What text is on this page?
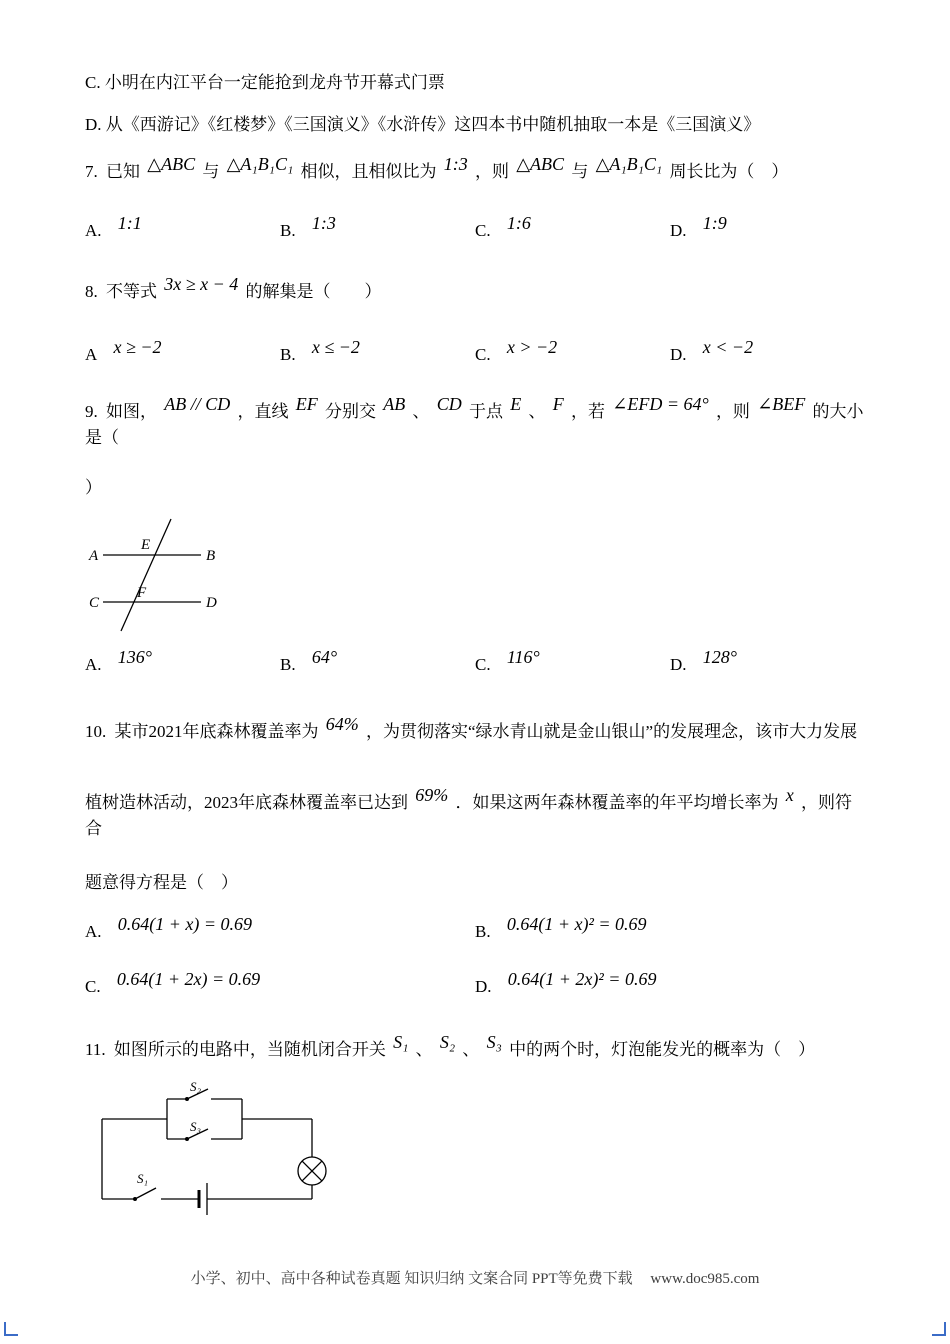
C. 小明在内江平台一定能抢到龙舟节开幕式门票
D. 从《西游记》《红楼梦》《三国演义》《水浒传》这四本书中随机抽取一本是《三国演义》
7. 已知 △ABC 与 △A₁B₁C₁ 相似，且相似比为 1:3 ，则 △ABC 与 △A₁B₁C₁ 周长比为（　）
A. 1:1	B. 1:3	C. 1:6	D. 1:9
8. 不等式 3x ≥ x − 4 的解集是（　　）
A x ≥ −2	B. x ≤ −2	C. x > −2	D. x < −2
9. 如图， AB // CD ，直线 EF 分别交 AB 、 CD 于点 E 、 F ，若 ∠EFD = 64° ，则 ∠BEF 的大小是（
）
A	B
E
C	D
F
A. 136°	B. 64°	C. 116°	D. 128°
10. 某市2021年底森林覆盖率为 64% ，为贯彻落实“绿水青山就是金山银山”的发展理念，该市大力发展
植树造林活动，2023年底森林覆盖率已达到 69% ．如果这两年森林覆盖率的年平均增长率为 x ，则符合
题意得方程是（　）
A. 0.64(1 + x) = 0.69	B. 0.64(1 + x)² = 0.69
C. 0.64(1 + 2x) = 0.69	D. 0.64(1 + 2x)² = 0.69
11. 如图所示的电路中，当随机闭合开关 S₁ 、 S₂ 、 S₃ 中的两个时，灯泡能发光的概率为（　）
S₂
S₃
S₁
小学、初中、高中各种试卷真题 知识归纳 文案合同 PPT等免费下载 www.doc985.com
